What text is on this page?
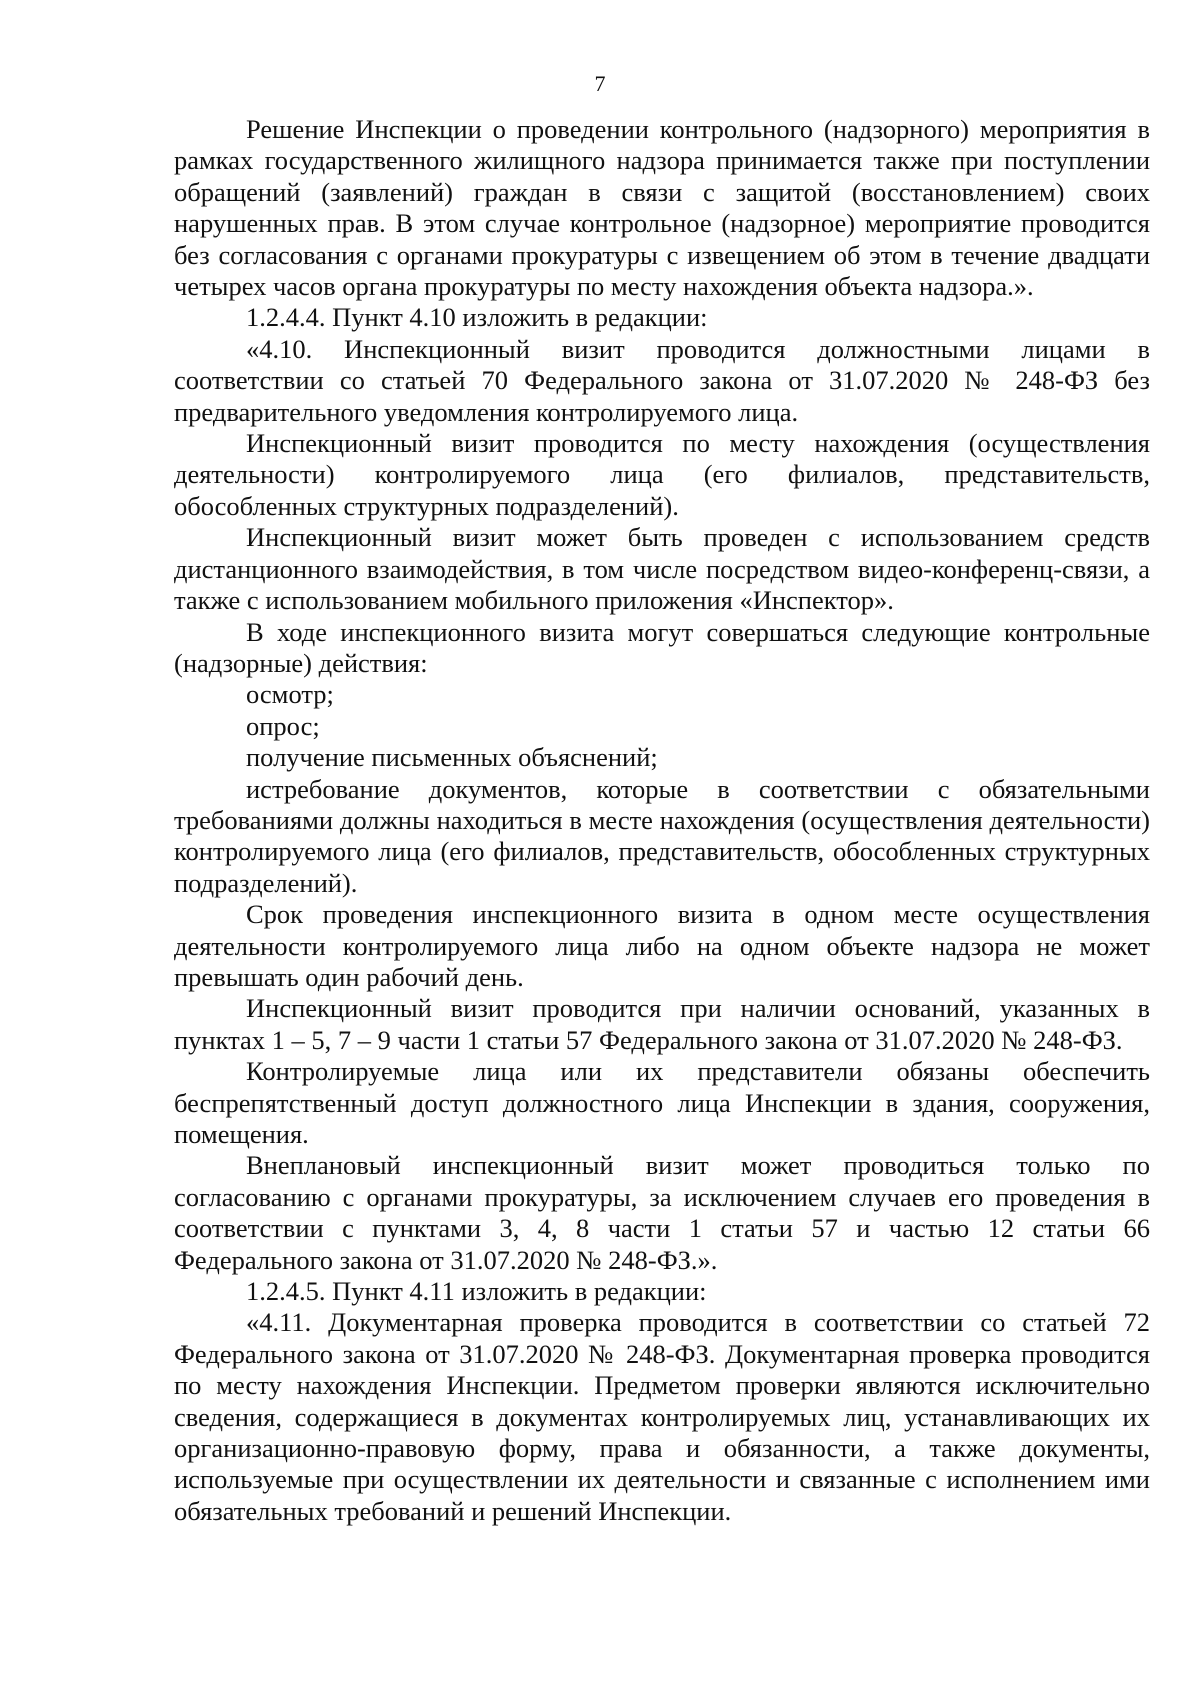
7

Решение Инспекции о проведении контрольного (надзорного) мероприятия в рамках государственного жилищного надзора принимается также при поступлении обращений (заявлений) граждан в связи с защитой (восстановлением) своих нарушенных прав. В этом случае контрольное (надзорное) мероприятие проводится без согласования с органами прокуратуры с извещением об этом в течение двадцати четырех часов органа прокуратуры по месту нахождения объекта надзора.».

1.2.4.4. Пункт 4.10 изложить в редакции:

«4.10. Инспекционный визит проводится должностными лицами в соответствии со статьей 70 Федерального закона от 31.07.2020 № 248-ФЗ без предварительного уведомления контролируемого лица.

Инспекционный визит проводится по месту нахождения (осуществления деятельности) контролируемого лица (его филиалов, представительств, обособленных структурных подразделений).

Инспекционный визит может быть проведен с использованием средств дистанционного взаимодействия, в том числе посредством видео-конференц-связи, а также с использованием мобильного приложения «Инспектор».

В ходе инспекционного визита могут совершаться следующие контрольные (надзорные) действия:

осмотр;

опрос;

получение письменных объяснений;

истребование документов, которые в соответствии с обязательными требованиями должны находиться в месте нахождения (осуществления деятельности) контролируемого лица (его филиалов, представительств, обособленных структурных подразделений).

Срок проведения инспекционного визита в одном месте осуществления деятельности контролируемого лица либо на одном объекте надзора не может превышать один рабочий день.

Инспекционный визит проводится при наличии оснований, указанных в пунктах 1 – 5, 7 – 9 части 1 статьи 57 Федерального закона от 31.07.2020 № 248-ФЗ.

Контролируемые лица или их представители обязаны обеспечить беспрепятственный доступ должностного лица Инспекции в здания, сооружения, помещения.

Внеплановый инспекционный визит может проводиться только по согласованию с органами прокуратуры, за исключением случаев его проведения в соответствии с пунктами 3, 4, 8 части 1 статьи 57 и частью 12 статьи 66 Федерального закона от 31.07.2020 № 248-ФЗ.».

1.2.4.5. Пункт 4.11 изложить в редакции:

«4.11. Документарная проверка проводится в соответствии со статьей 72 Федерального закона от 31.07.2020 № 248-ФЗ. Документарная проверка проводится по месту нахождения Инспекции. Предметом проверки являются исключительно сведения, содержащиеся в документах контролируемых лиц, устанавливающих их организационно-правовую форму, права и обязанности, а также документы, используемые при осуществлении их деятельности и связанные с исполнением ими обязательных требований и решений Инспекции.
